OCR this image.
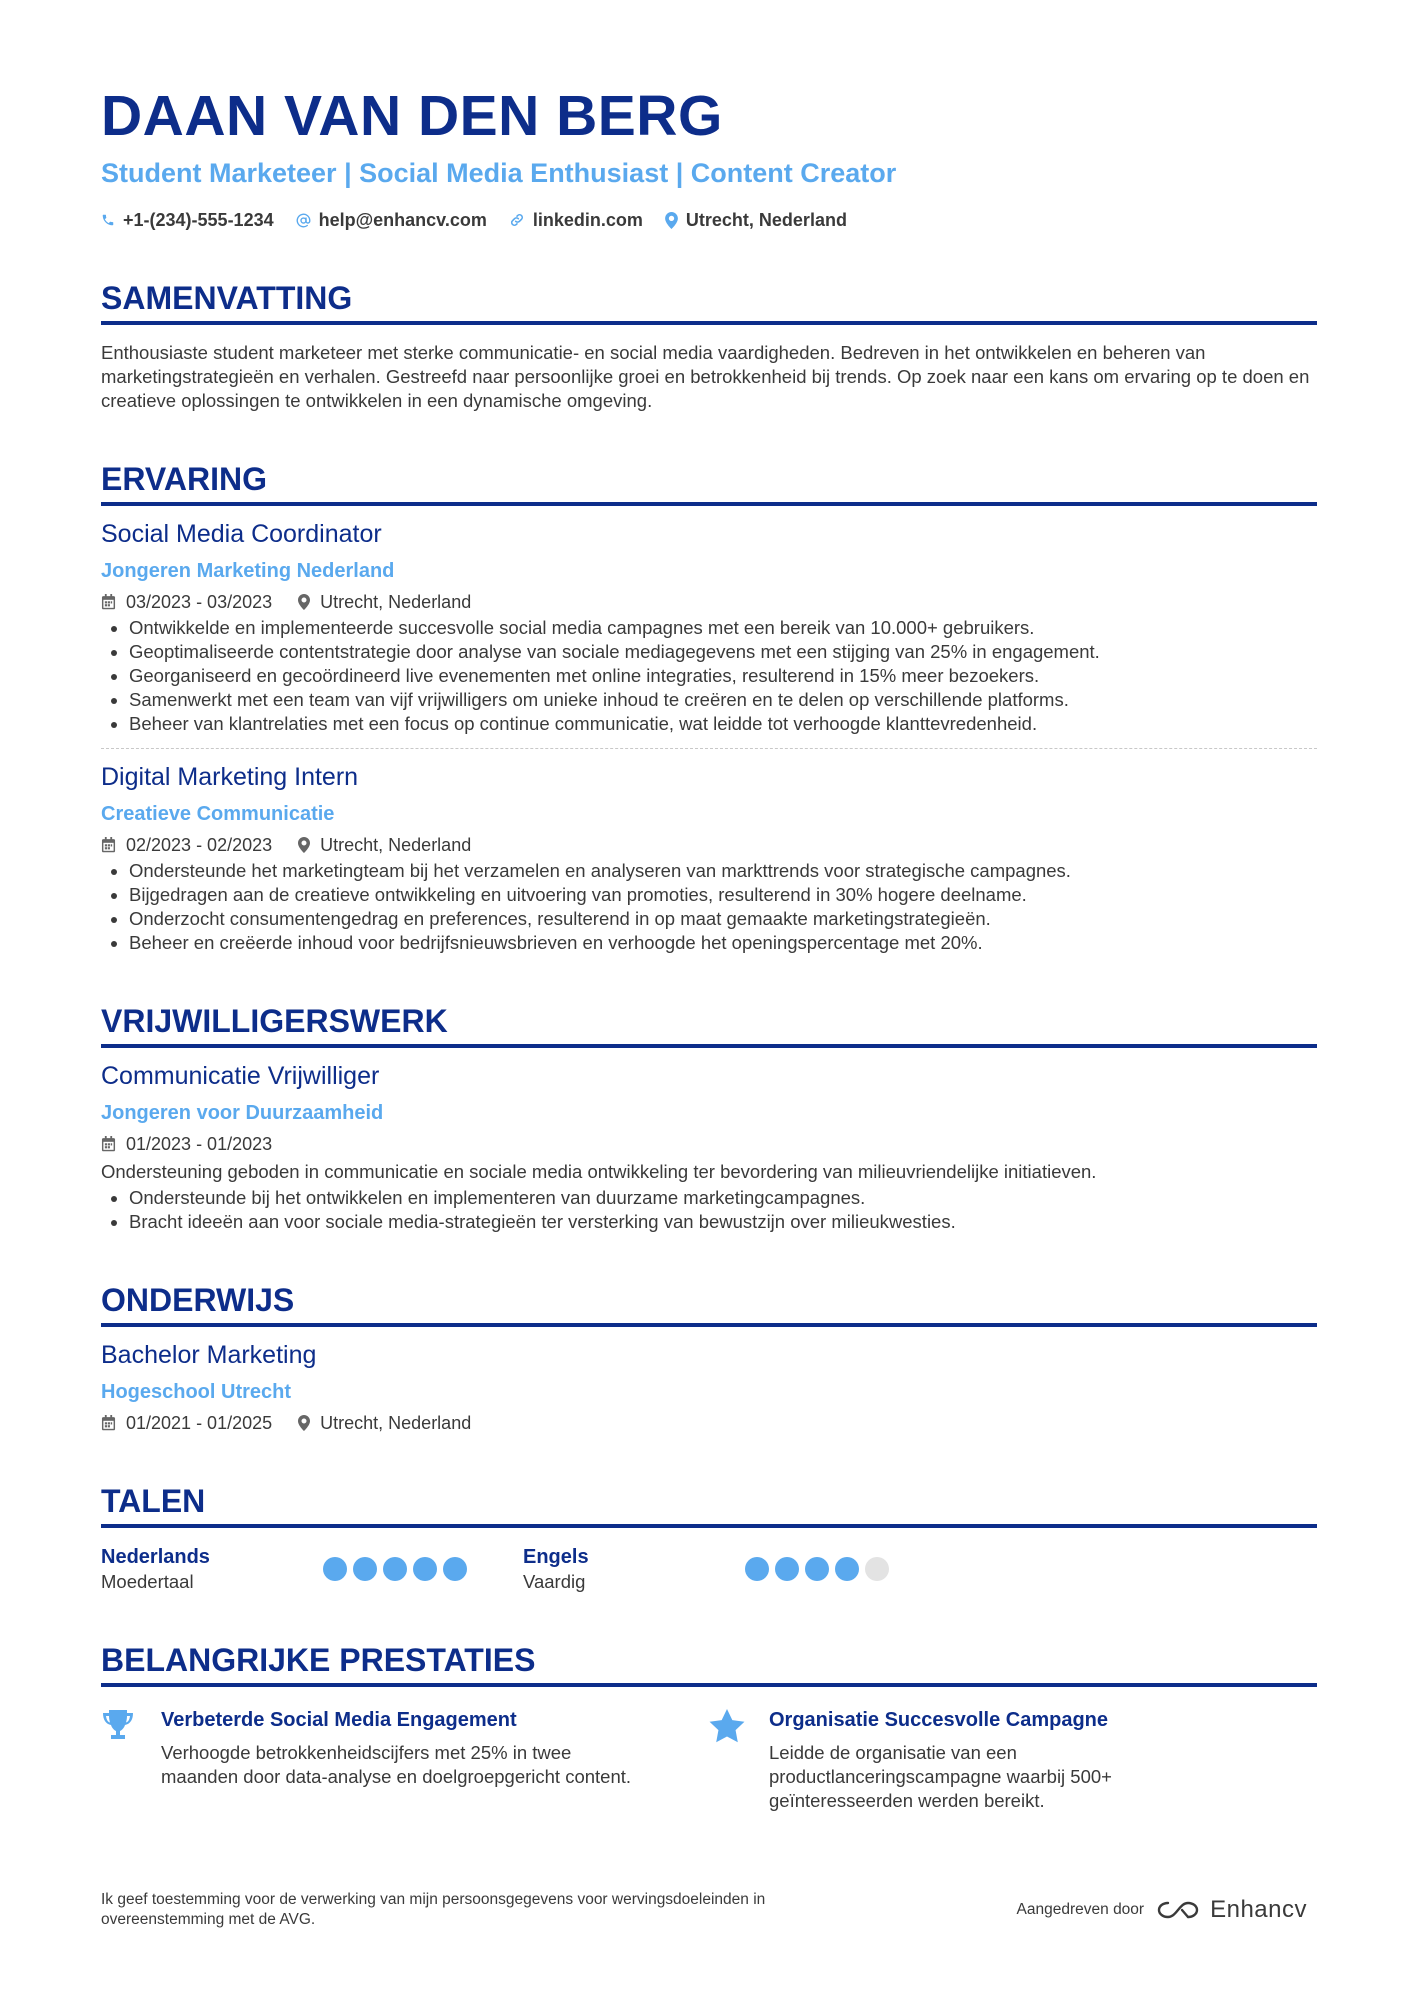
DAAN VAN DEN BERG
Student Marketeer | Social Media Enthusiast | Content Creator
+1-(234)-555-1234	help@enhancv.com	linkedin.com Utrecht, Nederland
SAMENVATTING
Enthousiaste student marketeer met sterke communicatie- en social media vaardigheden. Bedreven in het ontwikkelen en beheren van marketingstrategieën en verhalen. Gestreefd naar persoonlijke groei en betrokkenheid bij trends. Op zoek naar een kans om ervaring op te doen en creatieve oplossingen te ontwikkelen in een dynamische omgeving.
ERVARING
Social Media Coordinator
Jongeren Marketing Nederland
03/2023 - 03/2023	Utrecht, Nederland
• Ontwikkelde en implementeerde succesvolle social media campagnes met een bereik van 10.000+ gebruikers.
• Geoptimaliseerde contentstrategie door analyse van sociale mediagegevens met een stijging van 25% in engagement.
• Georganiseerd en gecoördineerd live evenementen met online integraties, resulterend in 15% meer bezoekers.
• Samenwerkt met een team van vijf vrijwilligers om unieke inhoud te creëren en te delen op verschillende platforms.
• Beheer van klantrelaties met een focus op continue communicatie, wat leidde tot verhoogde klanttevredenheid.
Digital Marketing Intern
Creatieve Communicatie
02/2023 - 02/2023	Utrecht, Nederland
• Ondersteunde het marketingteam bij het verzamelen en analyseren van markttrends voor strategische campagnes.
• Bijgedragen aan de creatieve ontwikkeling en uitvoering van promoties, resulterend in 30% hogere deelname.
• Onderzocht consumentengedrag en preferences, resulterend in op maat gemaakte marketingstrategieën.
• Beheer en creëerde inhoud voor bedrijfsnieuwsbrieven en verhoogde het openingspercentage met 20%.
VRIJWILLIGERSWERK
Communicatie Vrijwilliger
Jongeren voor Duurzaamheid
01/2023 - 01/2023
Ondersteuning geboden in communicatie en sociale media ontwikkeling ter bevordering van milieuvriendelijke initiatieven.
• Ondersteunde bij het ontwikkelen en implementeren van duurzame marketingcampagnes.
• Bracht ideeën aan voor sociale media-strategieën ter versterking van bewustzijn over milieukwesties.
ONDERWIJS
Bachelor Marketing
Hogeschool Utrecht
01/2021 - 01/2025	Utrecht, Nederland
TALEN
Nederlands
Moedertaal
Engels
Vaardig
BELANGRIJKE PRESTATIES
Verbeterde Social Media Engagement
Verhoogde betrokkenheidscijfers met 25% in twee maanden door data-analyse en doelgroepgericht content.
Organisatie Succesvolle Campagne
Leidde de organisatie van een productlanceringscampagne waarbij 500+ geïnteresseerden werden bereikt.
Ik geef toestemming voor de verwerking van mijn persoonsgegevens voor wervingsdoeleinden in overeenstemming met de AVG.
Aangedreven door	Enhancv
